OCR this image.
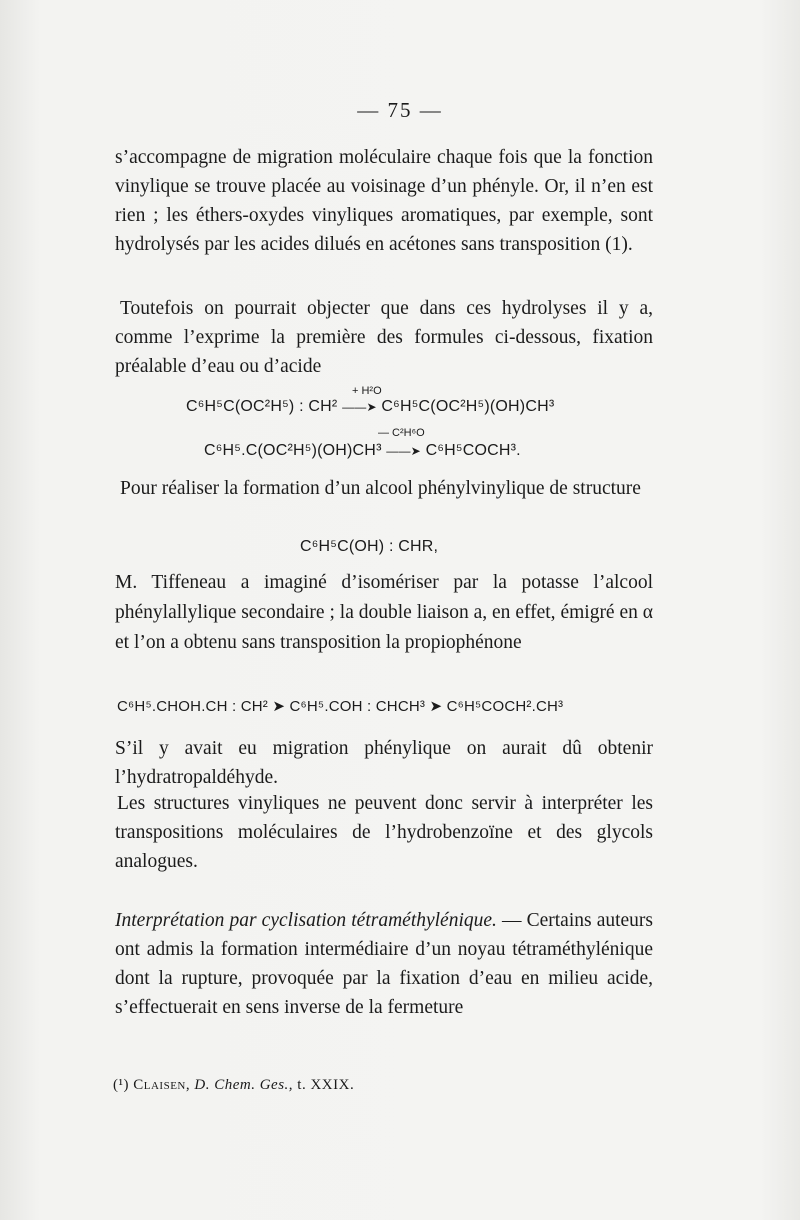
— 75 —

s’accompagne de migration moléculaire chaque fois que la fonction vinylique se trouve placée au voisinage d’un phényle. Or, il n’en est rien ; les éthers-oxydes vinyliques aromatiques, par exemple, sont hydrolysés par les acides dilués en acétones sans transposition (1).

Toutefois on pourrait objecter que dans ces hydrolyses il y a, comme l’exprime la première des formules ci-dessous, fixation préalable d’eau ou d’acide

+ H²O
C⁶H⁵C(OC²H⁵) : CH² ——➤ C⁶H⁵C(OC²H⁵)(OH)CH³
— C²H⁶O
C⁶H⁵.C(OC²H⁵)(OH)CH³ ——➤ C⁶H⁵COCH³.

Pour réaliser la formation d’un alcool phénylvinylique de structure

C⁶H⁵C(OH) : CHR,

M. Tiffeneau a imaginé d’isomériser par la potasse l’alcool phénylallylique secondaire ; la double liaison a, en effet, émigré en α et l’on a obtenu sans transposition la propiophénone

C⁶H⁵.CHOH.CH : CH² ➤ C⁶H⁵.COH : CHCH³ ➤ C⁶H⁵COCH².CH³

S’il y avait eu migration phénylique on aurait dû obtenir l’hydratropaldéhyde.

Les structures vinyliques ne peuvent donc servir à interpréter les transpositions moléculaires de l’hydrobenzoïne et des glycols analogues.

Interprétation par cyclisation tétraméthylénique. — Certains auteurs ont admis la formation intermédiaire d’un noyau tétraméthylénique dont la rupture, provoquée par la fixation d’eau en milieu acide, s’effectuerait en sens inverse de la fermeture

(¹) Claisen, D. Chem. Ges., t. XXIX.
